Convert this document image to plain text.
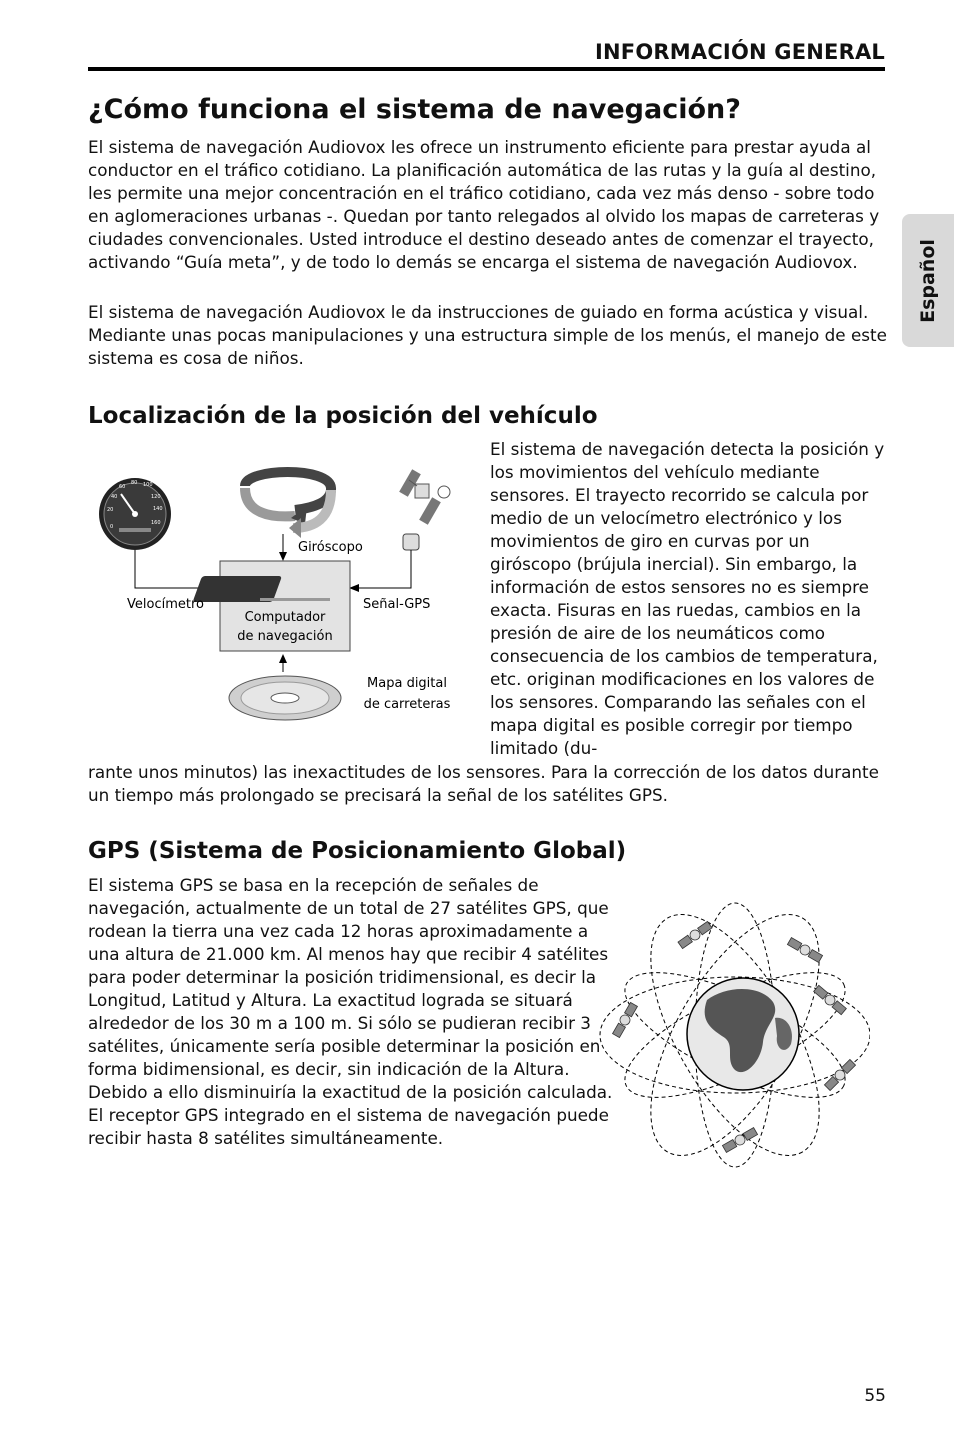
INFORMACIÓN GENERAL
Español
¿Cómo funciona el sistema de navegación?

El sistema de navegación Audiovox les ofrece un instrumento eficiente para prestar ayuda al conductor en el tráfico cotidiano. La planificación automática de las rutas y la guía al destino, les permite una mejor concentración en el tráfico cotidiano, cada vez más denso - sobre todo en aglomeraciones urbanas -. Quedan por tanto relegados al olvido los mapas de carreteras y ciudades convencionales. Usted introduce el destino deseado antes de comenzar el trayecto, activando “Guía meta”, y de todo lo demás se encarga el sistema de navegación Audiovox.

El sistema de navegación Audiovox le da instrucciones de guiado en forma acústica y visual. Mediante unas pocas manipulaciones y una estructura simple de los menús, el manejo de este sistema es cosa de niños.

Localización de la posición del vehículo
0
20
40
60
80 100
120
140
160
Giróscopo
Computador
de navegación
Velocímetro	Señal-GPS
Mapa digital
de carreteras

El sistema de navegación detecta la posición y los movimientos del vehículo mediante sensores. El trayecto recorrido se calcula por medio de un velocímetro electrónico y los movimientos de giro en curvas por un giróscopo (brújula inercial). Sin embargo, la información de estos sensores no es siempre exacta. Fisuras en las ruedas, cambios en la presión de aire de los neumáticos como consecuencia de los cambios de temperatura, etc. originan modificaciones en los valores de los sensores. Comparando las señales con el mapa digital es posible corregir por tiempo limitado (du-

rante unos minutos) las inexactitudes de los sensores. Para la corrección de los datos durante un tiempo más prolongado se precisará la señal de los satélites GPS.

GPS (Sistema de Posicionamiento Global)

El sistema GPS se basa en la recepción de señales de navegación, actualmente de un total de 27 satélites GPS, que rodean la tierra una vez cada 12 horas aproximadamente a una altura de 21.000 km. Al menos hay que recibir 4 satélites para poder determinar la posición tridimensional, es decir la Longitud, Latitud y Altura. La exactitud lograda se situará alrededor de los 30 m a 100 m. Si sólo se pudieran recibir 3 satélites, únicamente sería posible determinar la posición en forma bidimensional, es decir, sin indicación de la Altura. Debido a ello disminuiría la exactitud de la posición calculada.

El receptor GPS integrado en el sistema de navegación puede recibir hasta 8 satélites simultáneamente.

55
